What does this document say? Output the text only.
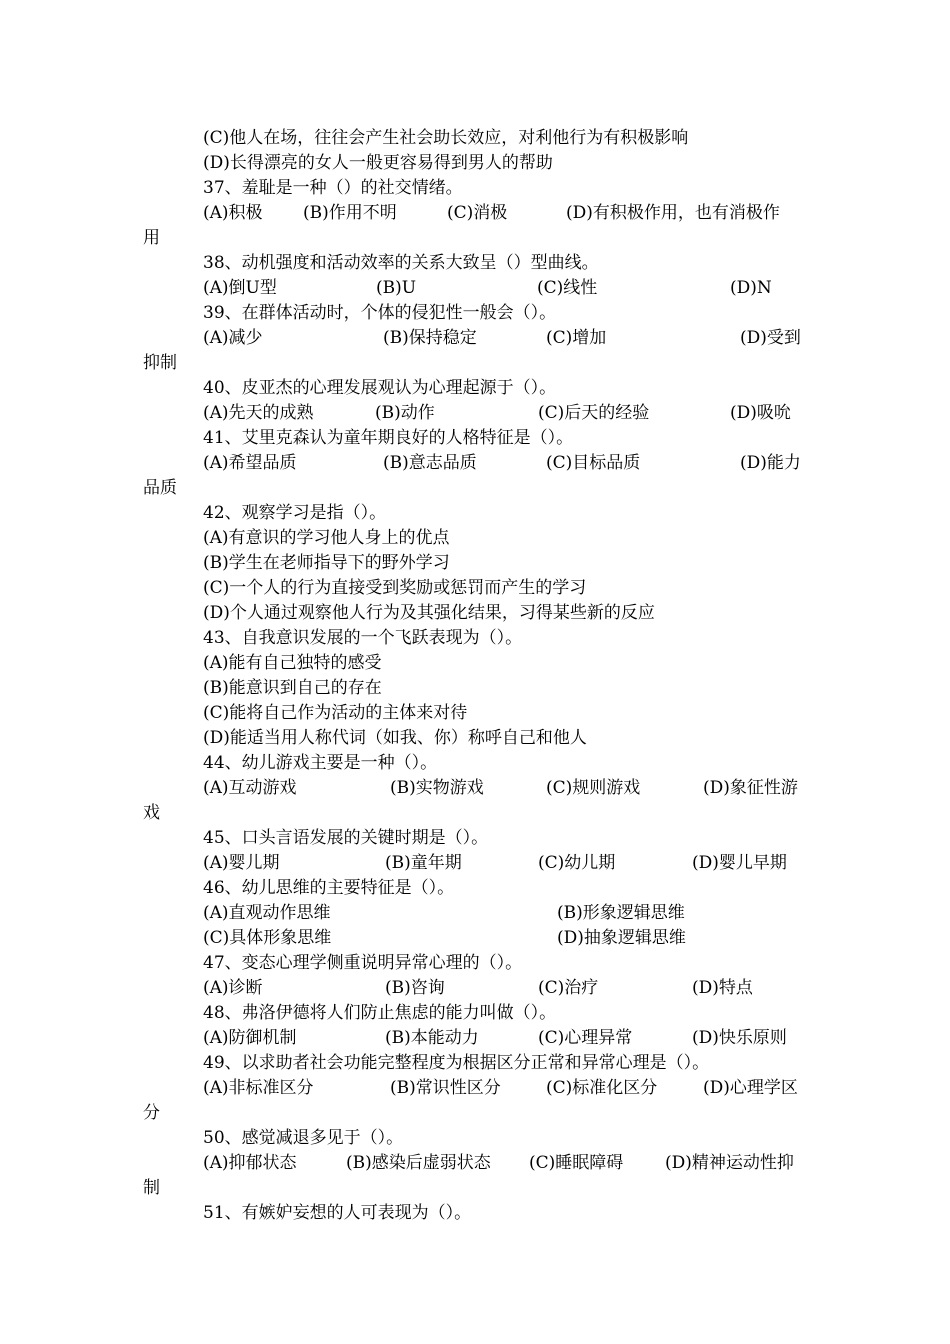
(C)他人在场，往往会产生社会助长效应，对利他行为有积极影响
(D)长得漂亮的女人一般更容易得到男人的帮助
37、羞耻是一种（）的社交情绪。
(A)积极 (B)作用不明	(C)消极	(D)有积极作用，也有消极作
用
38、动机强度和活动效率的关系大致呈（）型曲线。
(A)倒U型	(B)U	(C)线性	(D)N
39、在群体活动时，个体的侵犯性一般会（）。
(A)减少	(B)保持稳定	(C)增加	(D)受到
抑制
40、皮亚杰的心理发展观认为心理起源于（）。
(A)先天的成熟	(B)动作	(C)后天的经验	(D)吸吮
41、艾里克森认为童年期良好的人格特征是（）。
(A)希望品质	(B)意志品质	(C)目标品质	(D)能力
品质
42、观察学习是指（）。
(A)有意识的学习他人身上的优点
(B)学生在老师指导下的野外学习
(C)一个人的行为直接受到奖励或惩罚而产生的学习
(D)个人通过观察他人行为及其强化结果，习得某些新的反应
43、自我意识发展的一个飞跃表现为（）。
(A)能有自己独特的感受
(B)能意识到自己的存在
(C)能将自己作为活动的主体来对待
(D)能适当用人称代词（如我、你）称呼自己和他人
44、幼儿游戏主要是一种（）。
(A)互动游戏	(B)实物游戏	(C)规则游戏	(D)象征性游
戏
45、口头言语发展的关键时期是（）。
(A)婴儿期	(B)童年期	(C)幼儿期	(D)婴儿早期
46、幼儿思维的主要特征是（）。
(A)直观动作思维	(B)形象逻辑思维
(C)具体形象思维	(D)抽象逻辑思维
47、变态心理学侧重说明异常心理的（）。
(A)诊断	(B)咨询	(C)治疗	(D)特点
48、弗洛伊德将人们防止焦虑的能力叫做（）。
(A)防御机制	(B)本能动力	(C)心理异常	(D)快乐原则
49、以求助者社会功能完整程度为根据区分正常和异常心理是（）。
(A)非标准区分	(B)常识性区分	(C)标准化区分	(D)心理学区
分
50、感觉减退多见于（）。
(A)抑郁状态	(B)感染后虚弱状态 (C)睡眠障碍 (D)精神运动性抑
制
51、有嫉妒妄想的人可表现为（）。
